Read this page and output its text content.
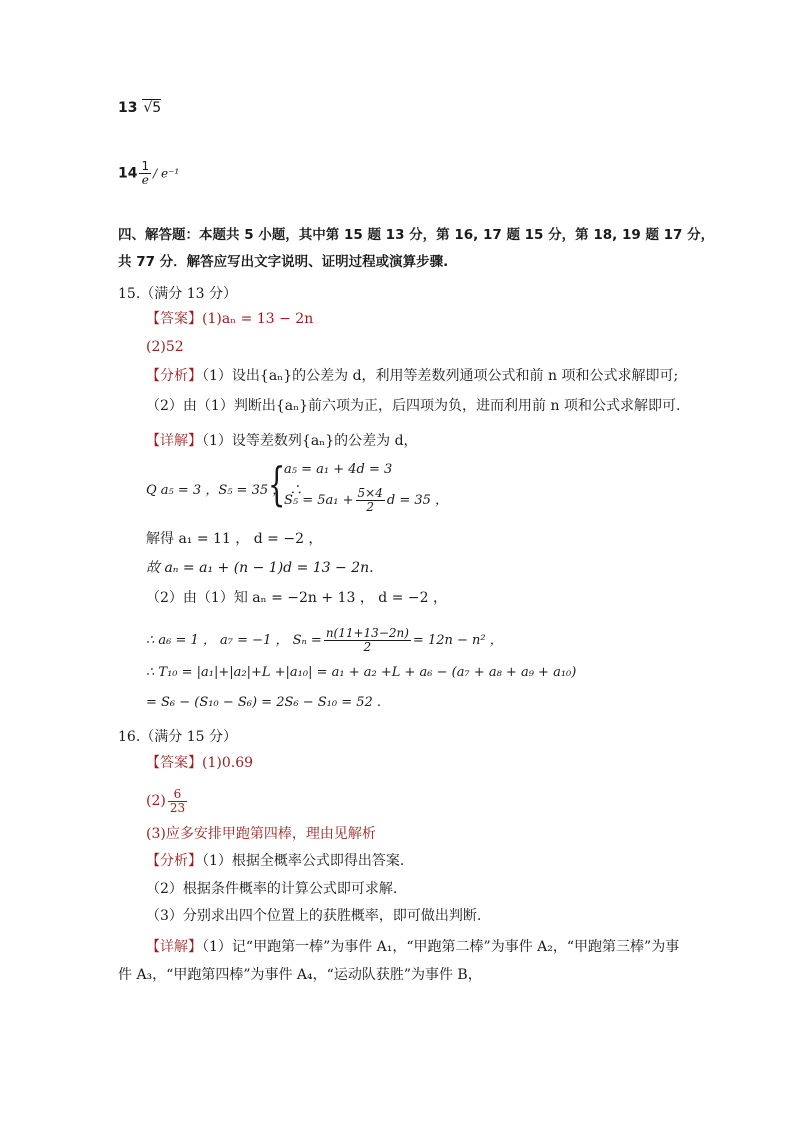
13 √5
$14 \frac{1}{e} / e^{-1}$
四、解答题：本题共 5 小题，其中第 15 题 13 分，第 16, 17 题 15 分，第 18, 19 题 17 分，
共 77 分．解答应写出文字说明、证明过程或演算步骤.
15.（满分 13 分）
【答案】(1)aₙ = 13 − 2n
(2)52
【分析】（1）设出{aₙ}的公差为 d，利用等差数列通项公式和前 n 项和公式求解即可;
（2）由（1）判断出{aₙ}前六项为正，后四项为负，进而利用前 n 项和公式求解即可.
【详解】（1）设等差数列{aₙ}的公差为 d，
Q a₅ = 3 ，S₅ = 35 ， ∴
{
a₅ = a₁ + 4d = 3
$S_5 = 5a_1 + \frac{5\times 4}{2}$ d = 35 ，
解得 a₁ = 11 ， d = −2 ，
故 aₙ = a₁ + (n − 1)d = 13 − 2n.
（2）由（1）知 aₙ = −2n + 13 ， d = −2 ，
∴ a₆ = 1 ， a₇ = −1 ， $S_n = \frac{n(11+13-2n)}{2} = 12n - n^2$ ，
∴ T₁₀ = |a₁|+|a₂|+L +|a₁₀| = a₁ + a₂ +L + a₆ − (a₇ + a₈ + a₉ + a₁₀)
= S₆ − (S₁₀ − S₆) = 2S₆ − S₁₀ = 52 .
16.（满分 15 分）
【答案】(1)0.69
$(2) \frac{6}{23}$
(3)应多安排甲跑第四棒，理由见解析
【分析】（1）根据全概率公式即得出答案.
（2）根据条件概率的计算公式即可求解.
（3）分别求出四个位置上的获胜概率，即可做出判断.
【详解】（1）记“甲跑第一棒”为事件 A₁，“甲跑第二棒”为事件 A₂，“甲跑第三棒”为事
件 A₃，“甲跑第四棒”为事件 A₄，“运动队获胜”为事件 B，
